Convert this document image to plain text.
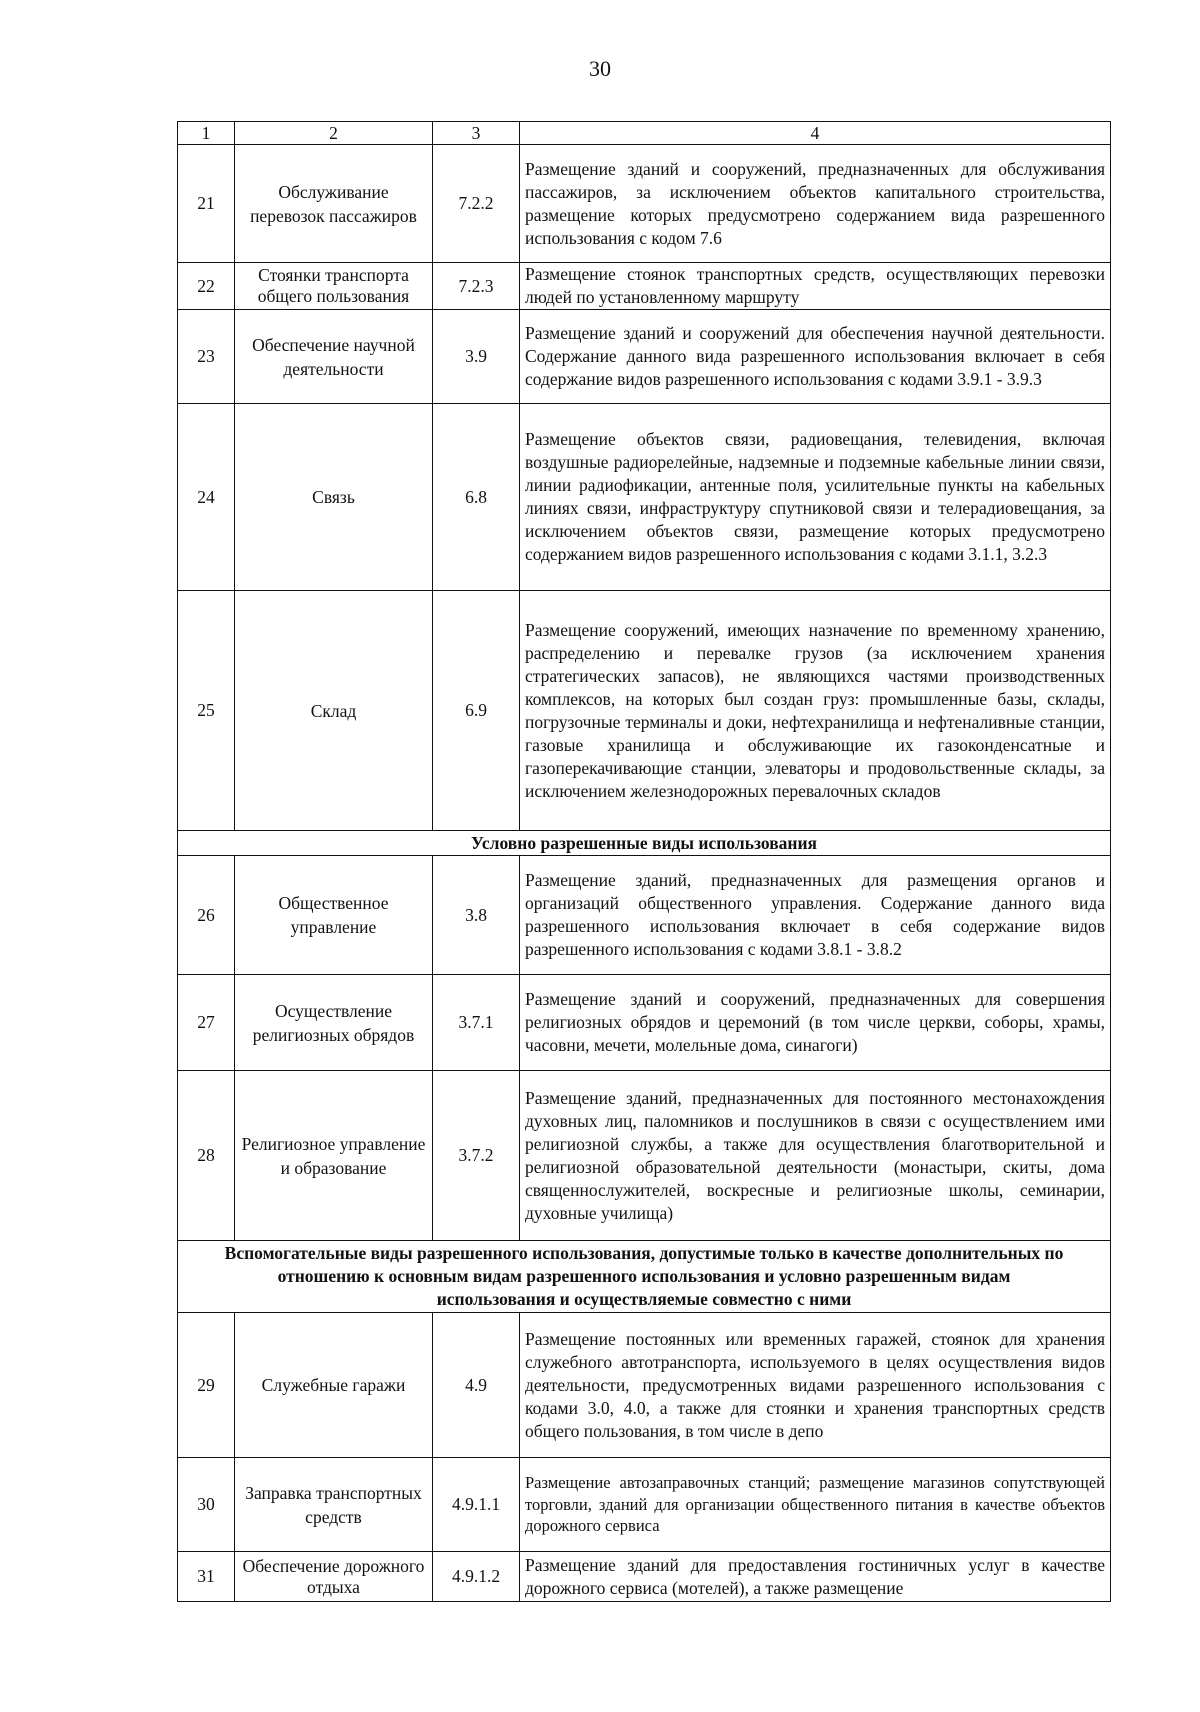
30
1	2	3	4
21	Обслуживание перевозок пассажиров	7.2.2	Размещение зданий и сооружений, предназначенных для обслуживания пассажиров, за исключением объектов капитального строительства, размещение которых предусмотрено содержанием вида разрешенного использования с кодом 7.6
22	Стоянки транспорта общего пользования	7.2.3	Размещение стоянок транспортных средств, осуществляющих перевозки людей по установленному маршруту
23	Обеспечение научной деятельности	3.9	Размещение зданий и сооружений для обеспечения научной деятельности. Содержание данного вида разрешенного использования включает в себя содержание видов разрешенного использования с кодами 3.9.1 - 3.9.3
24	Связь	6.8	Размещение объектов связи, радиовещания, телевидения, включая воздушные радиорелейные, надземные и подземные кабельные линии связи, линии радиофикации, антенные поля, усилительные пункты на кабельных линиях связи, инфраструктуру спутниковой связи и телерадиовещания, за исключением объектов связи, размещение которых предусмотрено содержанием видов разрешенного использования с кодами 3.1.1, 3.2.3
25	Склад	6.9	Размещение сооружений, имеющих назначение по временному хранению, распределению и перевалке грузов (за исключением хранения стратегических запасов), не являющихся частями производственных комплексов, на которых был создан груз: промышленные базы, склады, погрузочные терминалы и доки, нефтехранилища и нефтеналивные станции, газовые хранилища и обслуживающие их газоконденсатные и газоперекачивающие станции, элеваторы и продовольственные склады, за исключением железнодорожных перевалочных складов
Условно разрешенные виды использования			
26	Общественное управление	3.8	Размещение зданий, предназначенных для размещения органов и организаций общественного управления. Содержание данного вида разрешенного использования включает в себя содержание видов разрешенного использования с кодами 3.8.1 - 3.8.2
27	Осуществление религиозных обрядов	3.7.1	Размещение зданий и сооружений, предназначенных для совершения религиозных обрядов и церемоний (в том числе церкви, соборы, храмы, часовни, мечети, молельные дома, синагоги)
28	Религиозное управление и образование	3.7.2	Размещение зданий, предназначенных для постоянного местонахождения духовных лиц, паломников и послушников в связи с осуществлением ими религиозной службы, а также для осуществления благотворительной и религиозной образовательной деятельности (монастыри, скиты, дома священнослужителей, воскресные и религиозные школы, семинарии, духовные училища)
Вспомогательные виды разрешенного использования, допустимые только в качестве дополнительных по отношению к основным видам разрешенного использования и условно разрешенным видам использования и осуществляемые совместно с ними			
29	Служебные гаражи	4.9	Размещение постоянных или временных гаражей, стоянок для хранения служебного автотранспорта, используемого в целях осуществления видов деятельности, предусмотренных видами разрешенного использования с кодами 3.0, 4.0, а также для стоянки и хранения транспортных средств общего пользования, в том числе в депо
30	Заправка транспортных средств	4.9.1.1	Размещение автозаправочных станций; размещение магазинов сопутствующей торговли, зданий для организации общественного питания в качестве объектов дорожного сервиса
31	Обеспечение дорожного отдыха	4.9.1.2	Размещение зданий для предоставления гостиничных услуг в качестве дорожного сервиса (мотелей), а также размещение
